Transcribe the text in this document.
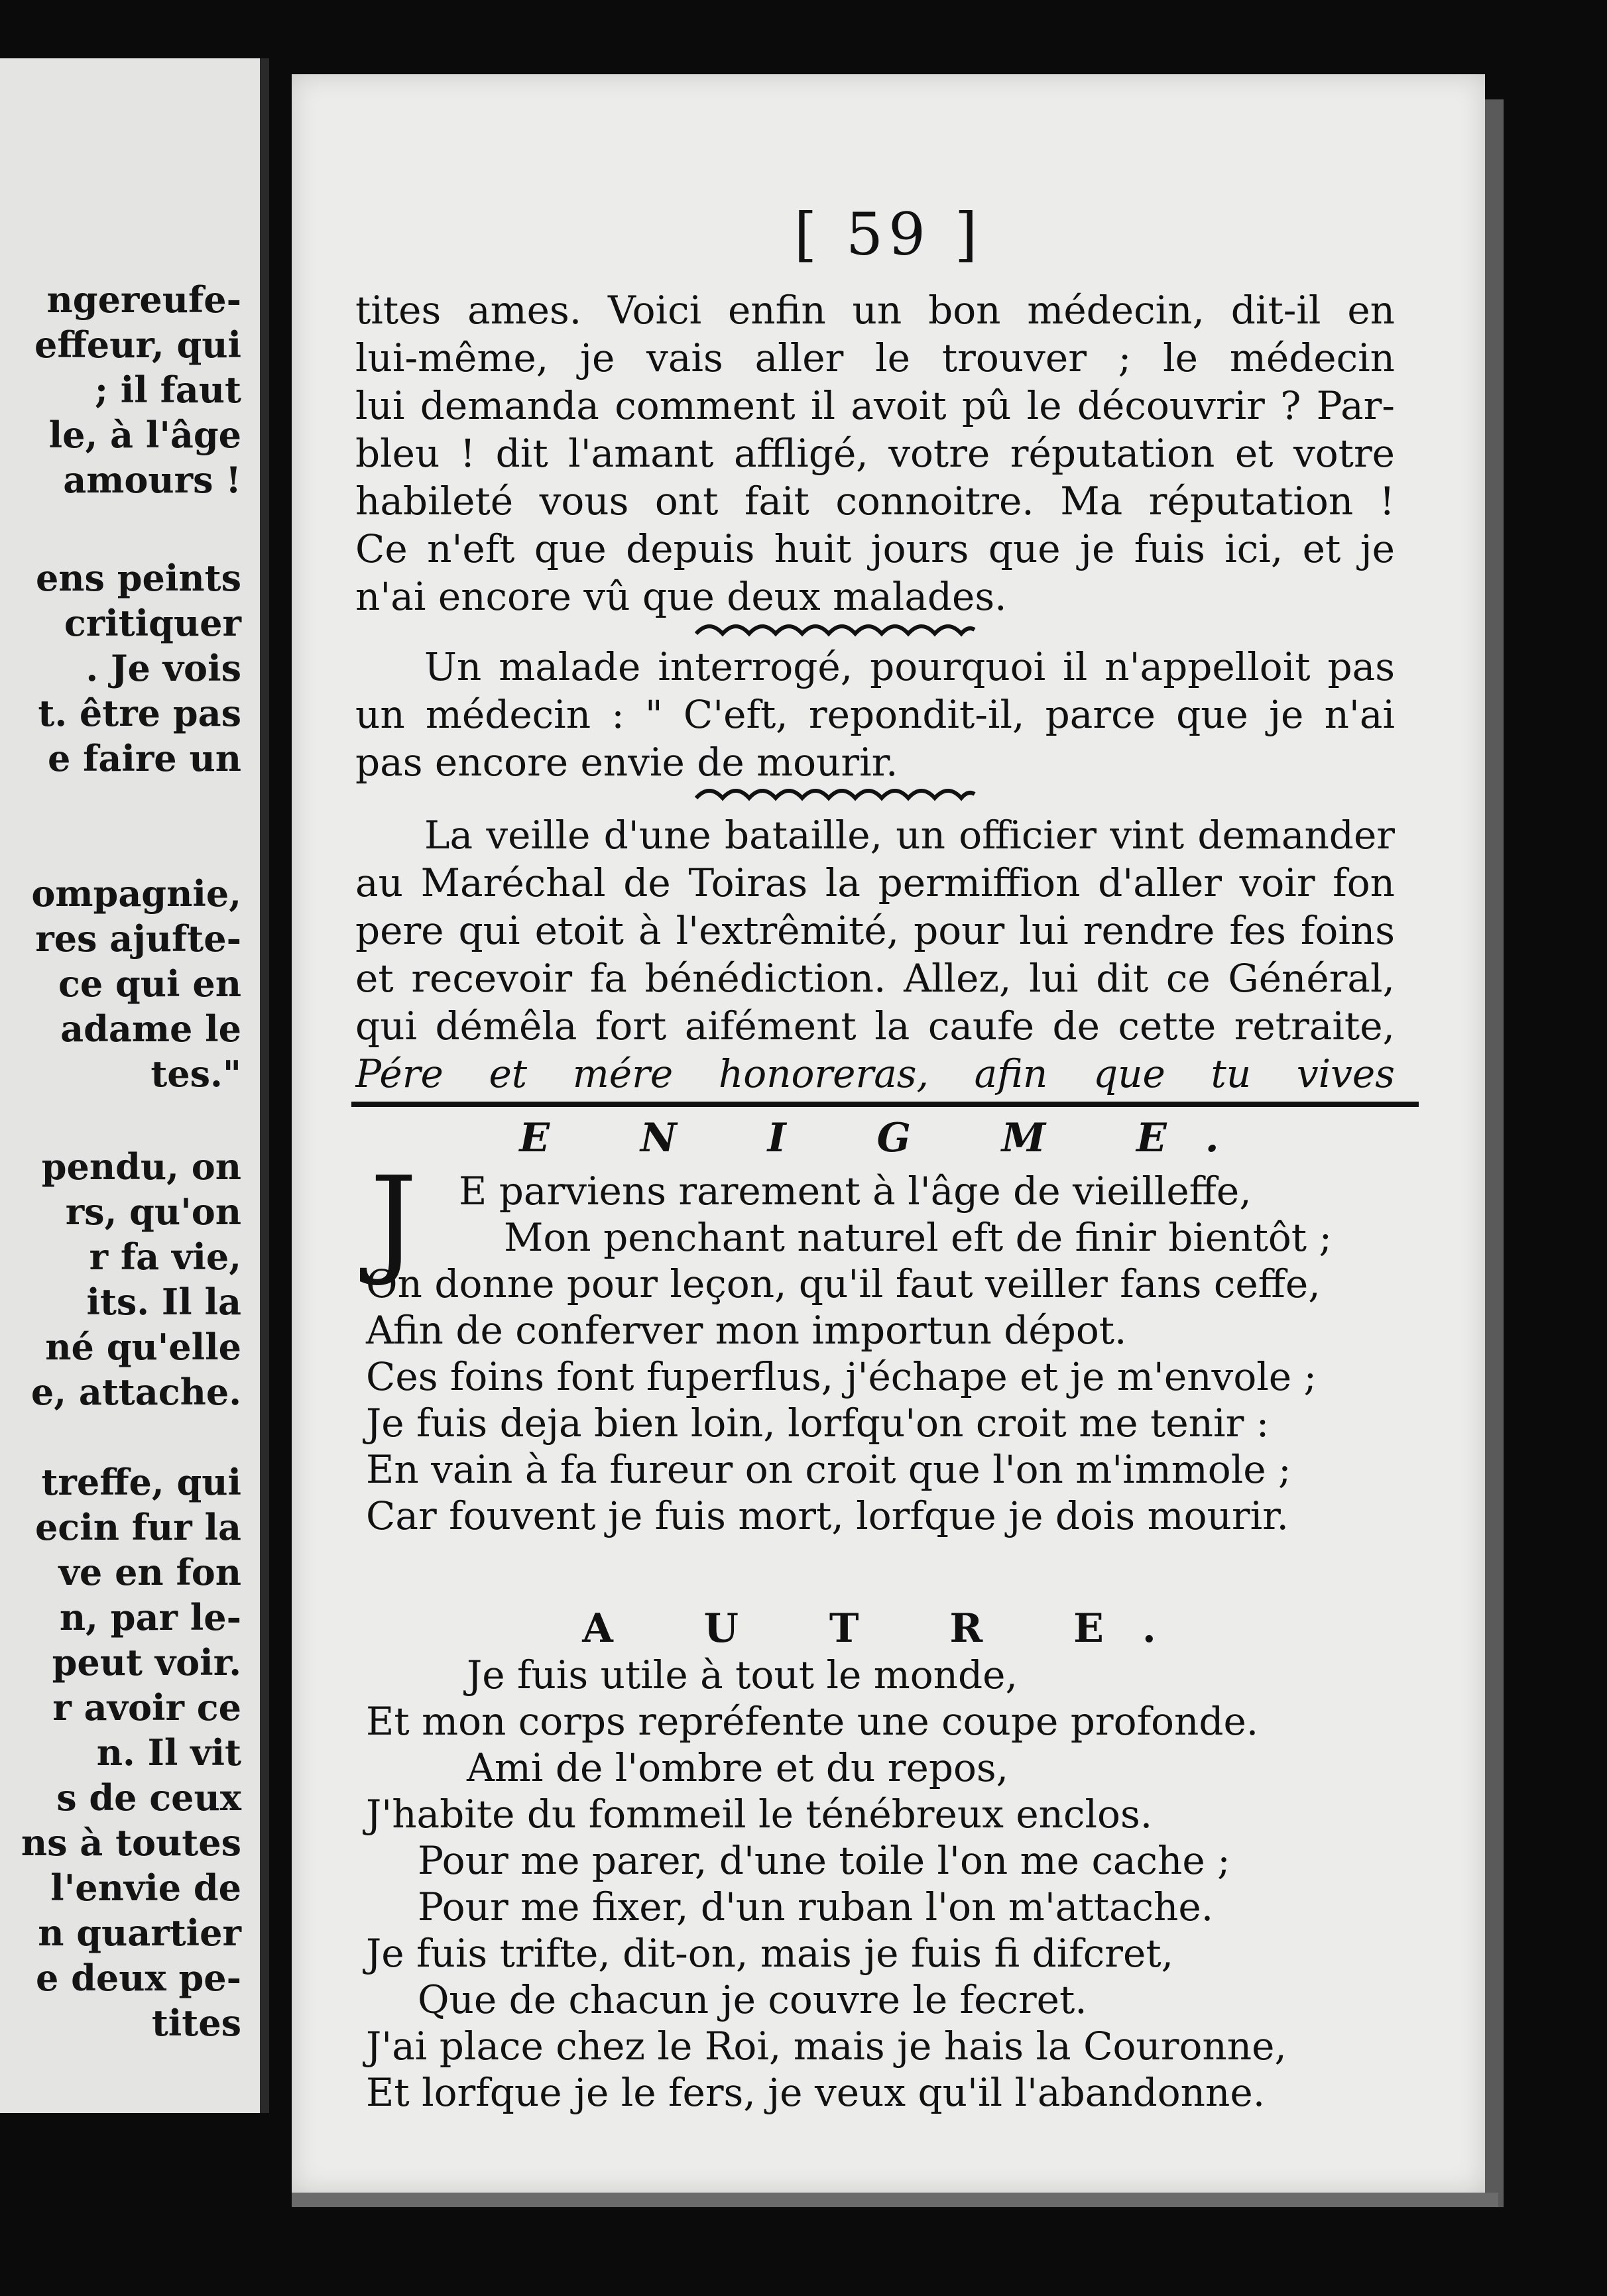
ngereufe-
effeur, qui
; il faut
le, à l'âge
amours !
ens peints
critiquer
. Je vois
t. être pas
e faire un
ompagnie,
res ajufte-
ce qui en
adame le
tes."
pendu, on
rs, qu'on
r fa vie,
its. Il la
né qu'elle
e, attache.
treffe, qui
ecin fur la
ve en fon
n, par le-
peut voir.
r avoir ce
n. Il vit
s de ceux
ns à toutes
l'envie de
n quartier
e deux pe-
tites
[ 59 ]
tites ames. Voici enfin un bon médecin, dit-il en
lui-même, je vais aller le trouver ; le médecin
lui demanda comment il avoit pû le découvrir ? Par-
bleu ! dit l'amant affligé, votre réputation et votre
habileté vous ont fait connoitre. Ma réputation !
Ce n'eft que depuis huit jours que je fuis ici, et je
n'ai encore vû que deux malades.
Un malade interrogé, pourquoi il n'appelloit pas
un médecin : " C'eft, repondit-il, parce que je n'ai
pas encore envie de mourir.
La veille d'une bataille, un officier vint demander
au Maréchal de Toiras la permiffion d'aller voir fon
pere qui etoit à l'extrêmité, pour lui rendre fes foins
et recevoir fa bénédiction. Allez, lui dit ce Général,
qui démêla fort aifément la caufe de cette retraite,
Pére et mére honoreras, afin que tu vives
E N I G M E.
J E parviens rarement à l'âge de vieilleffe,
Mon penchant naturel eft de finir bientôt ;
On donne pour leçon, qu'il faut veiller fans ceffe,
Afin de conferver mon importun dépot.
Ces foins font fuperflus, j'échape et je m'envole ;
Je fuis deja bien loin, lorfqu'on croit me tenir :
En vain à fa fureur on croit que l'on m'immole ;
Car fouvent je fuis mort, lorfque je dois mourir.
A U T R E.
Je fuis utile à tout le monde,
Et mon corps repréfente une coupe profonde.
Ami de l'ombre et du repos,
J'habite du fommeil le ténébreux enclos.
Pour me parer, d'une toile l'on me cache ;
Pour me fixer, d'un ruban l'on m'attache.
Je fuis trifte, dit-on, mais je fuis fi difcret,
Que de chacun je couvre le fecret.
J'ai place chez le Roi, mais je hais la Couronne,
Et lorfque je le fers, je veux qu'il l'abandonne.
